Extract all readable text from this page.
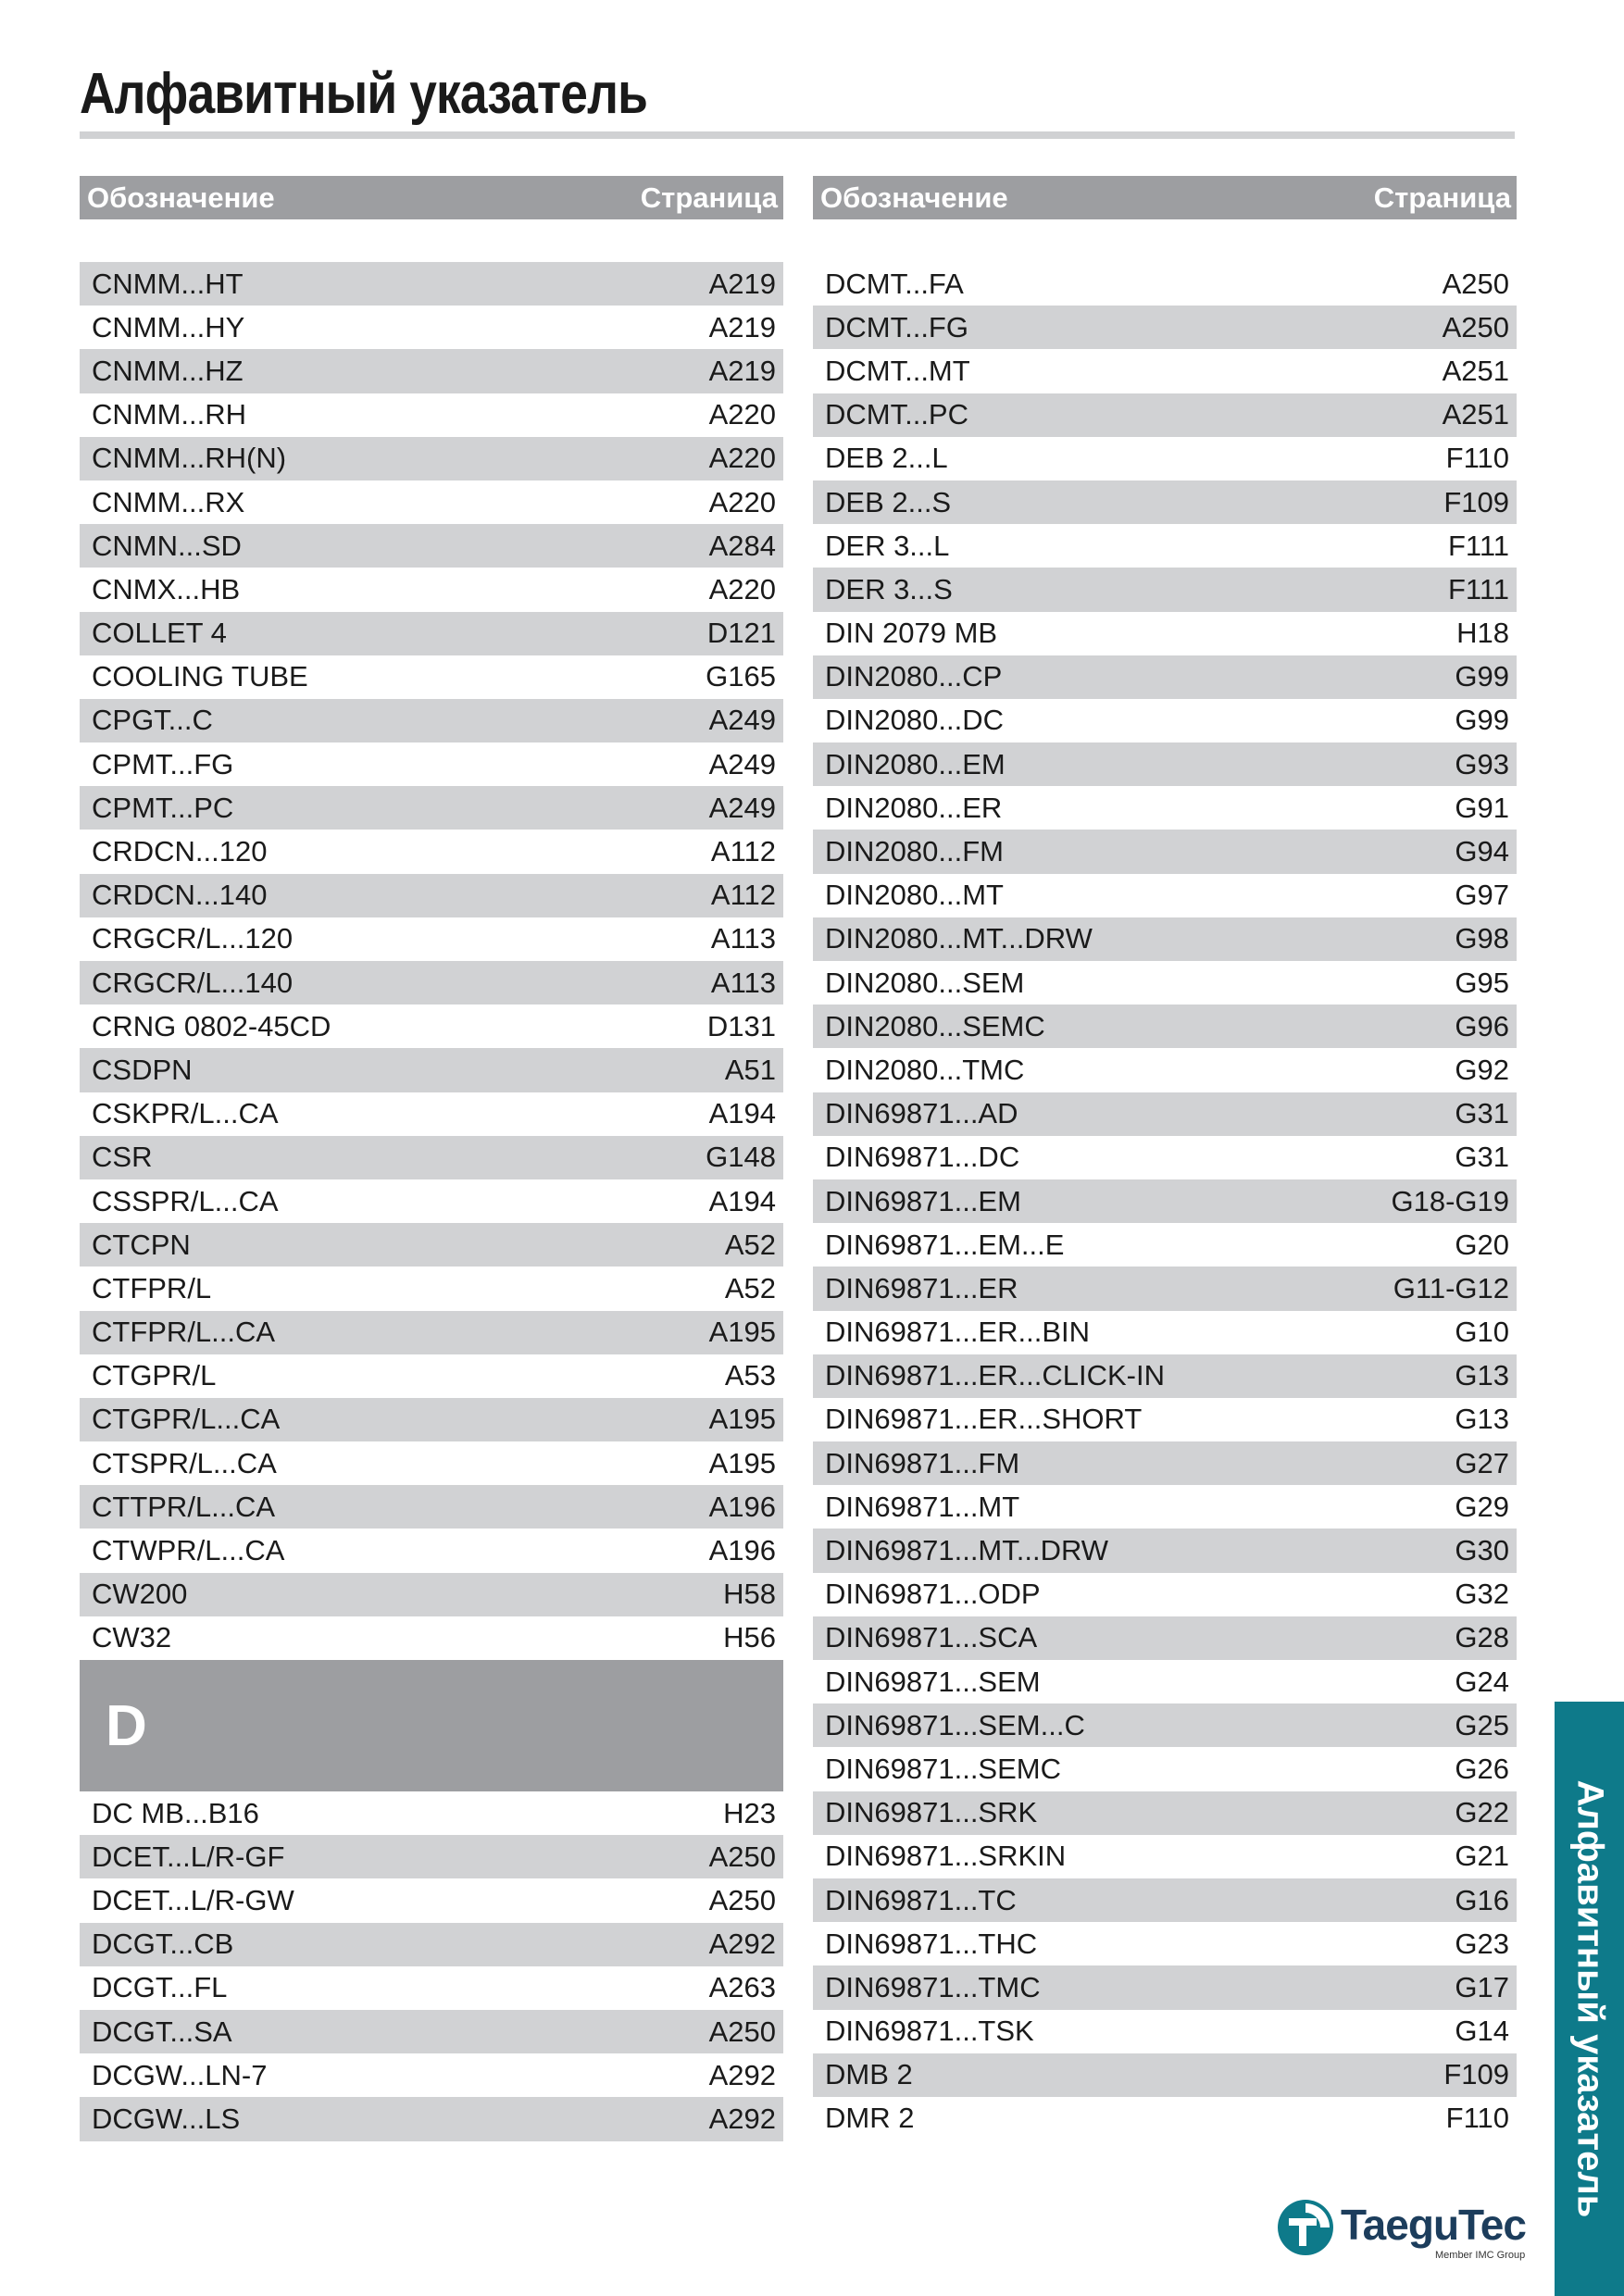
Алфавитный указатель
Обозначение	Страница
CNMM...HT	A219
CNMM...HY	A219
CNMM...HZ	A219
CNMM...RH	A220
CNMM...RH(N)	A220
CNMM...RX	A220
CNMN...SD	A284
CNMX...HB	A220
COLLET 4	D121
COOLING TUBE	G165
CPGT...C	A249
CPMT...FG	A249
CPMT...PC	A249
CRDCN...120	A112
CRDCN...140	A112
CRGCR/L...120	A113
CRGCR/L...140	A113
CRNG 0802-45CD	D131
CSDPN	A51
CSKPR/L...CA	A194
CSR	G148
CSSPR/L...CA	A194
CTCPN	A52
CTFPR/L	A52
CTFPR/L...CA	A195
CTGPR/L	A53
CTGPR/L...CA	A195
CTSPR/L...CA	A195
CTTPR/L...CA	A196
CTWPR/L...CA	A196
CW200	H58
CW32	H56
D
DC MB...B16	H23
DCET...L/R-GF	A250
DCET...L/R-GW	A250
DCGT...CB	A292
DCGT...FL	A263
DCGT...SA	A250
DCGW...LN-7	A292
DCGW...LS	A292
Обозначение	Страница
DCMT...FA	A250
DCMT...FG	A250
DCMT...MT	A251
DCMT...PC	A251
DEB 2...L	F110
DEB 2...S	F109
DER 3...L	F111
DER 3...S	F111
DIN 2079 MB	H18
DIN2080...CP	G99
DIN2080...DC	G99
DIN2080...EM	G93
DIN2080...ER	G91
DIN2080...FM	G94
DIN2080...MT	G97
DIN2080...MT...DRW	G98
DIN2080...SEM	G95
DIN2080...SEMC	G96
DIN2080...TMC	G92
DIN69871...AD	G31
DIN69871...DC	G31
DIN69871...EM	G18-G19
DIN69871...EM...E	G20
DIN69871...ER	G11-G12
DIN69871...ER...BIN	G10
DIN69871...ER...CLICK-IN	G13
DIN69871...ER...SHORT	G13
DIN69871...FM	G27
DIN69871...MT	G29
DIN69871...MT...DRW	G30
DIN69871...ODP	G32
DIN69871...SCA	G28
DIN69871...SEM	G24
DIN69871...SEM...C	G25
DIN69871...SEMC	G26
DIN69871...SRK	G22
DIN69871...SRKIN	G21
DIN69871...TC	G16
DIN69871...THC	G23
DIN69871...TMC	G17
DIN69871...TSK	G14
DMB 2	F109
DMR 2	F110 Алфавитный указатель
TaeguTec
Member IMC Group
